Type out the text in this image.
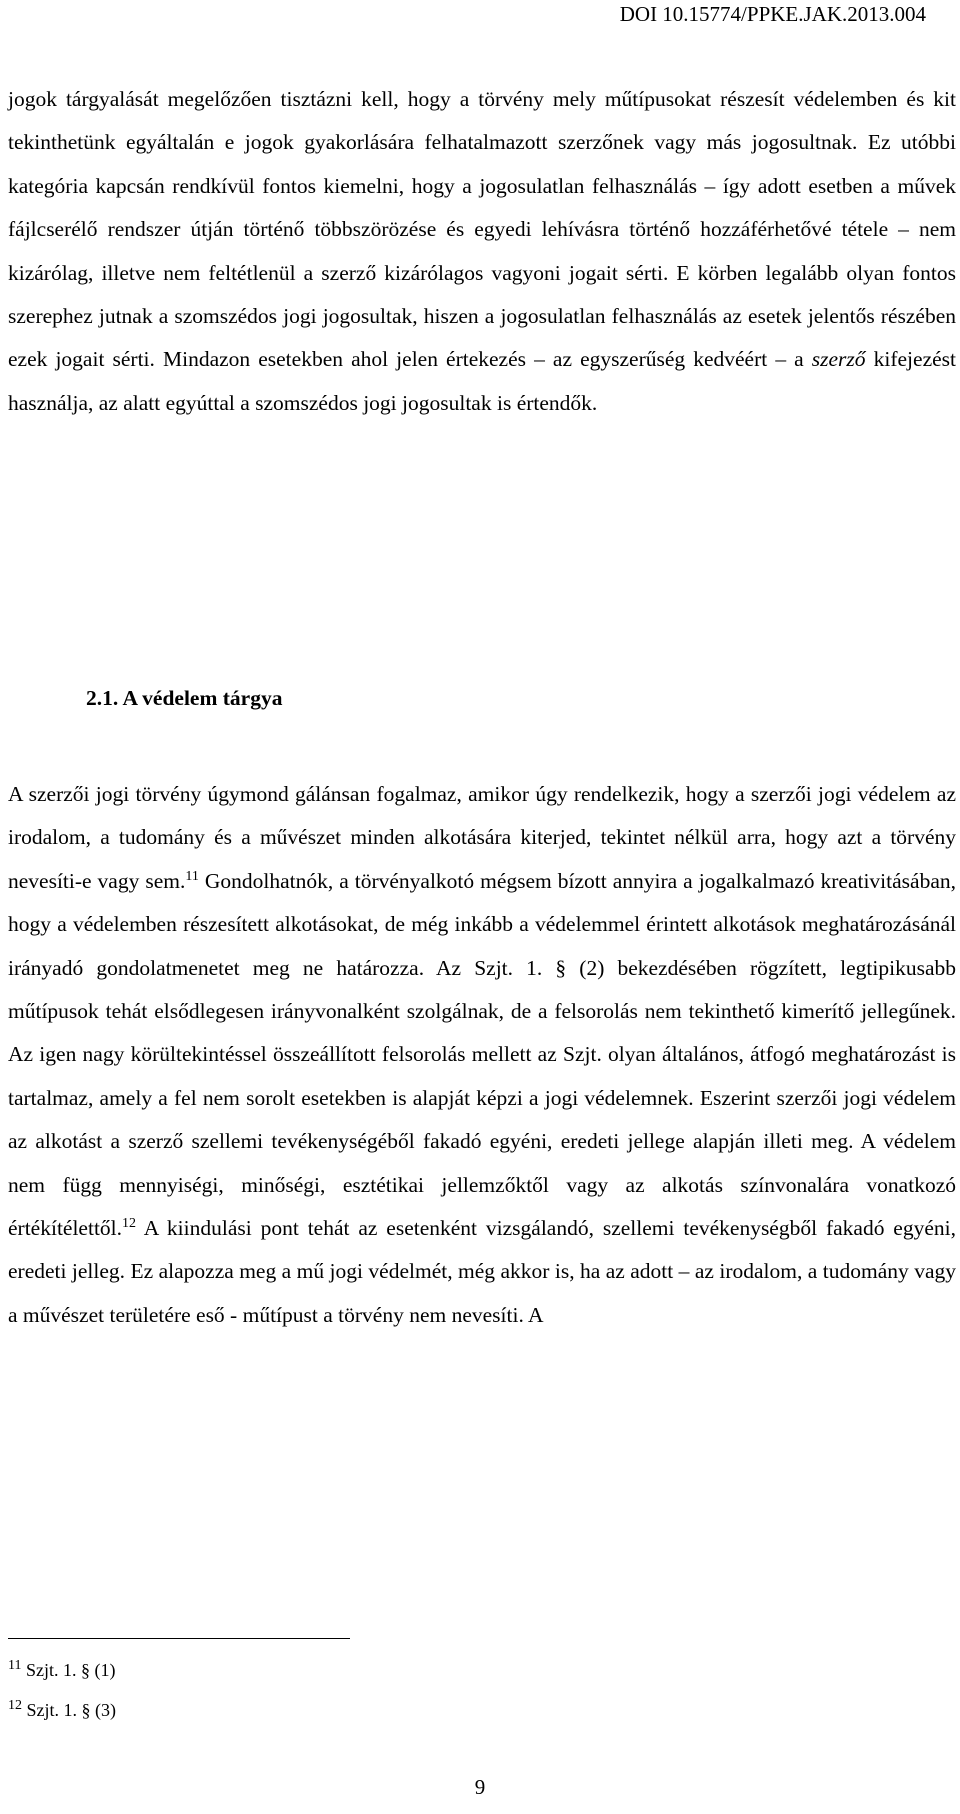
DOI 10.15774/PPKE.JAK.2013.004

jogok tárgyalását megelőzően tisztázni kell, hogy a törvény mely műtípusokat részesít védelemben és kit tekinthetünk egyáltalán e jogok gyakorlására felhatalmazott szerzőnek vagy más jogosultnak. Ez utóbbi kategória kapcsán rendkívül fontos kiemelni, hogy a jogosulatlan felhasználás – így adott esetben a művek fájlcserélő rendszer útján történő többszörözése és egyedi lehívásra történő hozzáférhetővé tétele – nem kizárólag, illetve nem feltétlenül a szerző kizárólagos vagyoni jogait sérti. E körben legalább olyan fontos szerephez jutnak a szomszédos jogi jogosultak, hiszen a jogosulatlan felhasználás az esetek jelentős részében ezek jogait sérti. Mindazon esetekben ahol jelen értekezés – az egyszerűség kedvéért – a szerző kifejezést használja, az alatt egyúttal a szomszédos jogi jogosultak is értendők.

2.1. A védelem tárgya

A szerzői jogi törvény úgymond gálánsan fogalmaz, amikor úgy rendelkezik, hogy a szerzői jogi védelem az irodalom, a tudomány és a művészet minden alkotására kiterjed, tekintet nélkül arra, hogy azt a törvény nevesíti-e vagy sem.$^{11}$ Gondolhatnók, a törvényalkotó mégsem bízott annyira a jogalkalmazó kreativitásában, hogy a védelemben részesített alkotásokat, de még inkább a védelemmel érintett alkotások meghatározásánál irányadó gondolatmenetet meg ne határozza. Az Szjt. 1. § (2) bekezdésében rögzített, legtipikusabb műtípusok tehát elsődlegesen irányvonalként szolgálnak, de a felsorolás nem tekinthető kimerítő jellegűnek. Az igen nagy körültekintéssel összeállított felsorolás mellett az Szjt. olyan általános, átfogó meghatározást is tartalmaz, amely a fel nem sorolt esetekben is alapját képzi a jogi védelemnek. Eszerint szerzői jogi védelem az alkotást a szerző szellemi tevékenységéből fakadó egyéni, eredeti jellege alapján illeti meg. A védelem nem függ mennyiségi, minőségi, esztétikai jellemzőktől vagy az alkotás színvonalára vonatkozó értékítélettől.$^{12}$ A kiindulási pont tehát az esetenként vizsgálandó, szellemi tevékenységből fakadó egyéni, eredeti jelleg. Ez alapozza meg a mű jogi védelmét, még akkor is, ha az adott – az irodalom, a tudomány vagy a művészet területére eső - műtípust a törvény nem nevesíti. A

$^{11}$ Szjt. 1. § (1)
$^{12}$ Szjt. 1. § (3)
9
